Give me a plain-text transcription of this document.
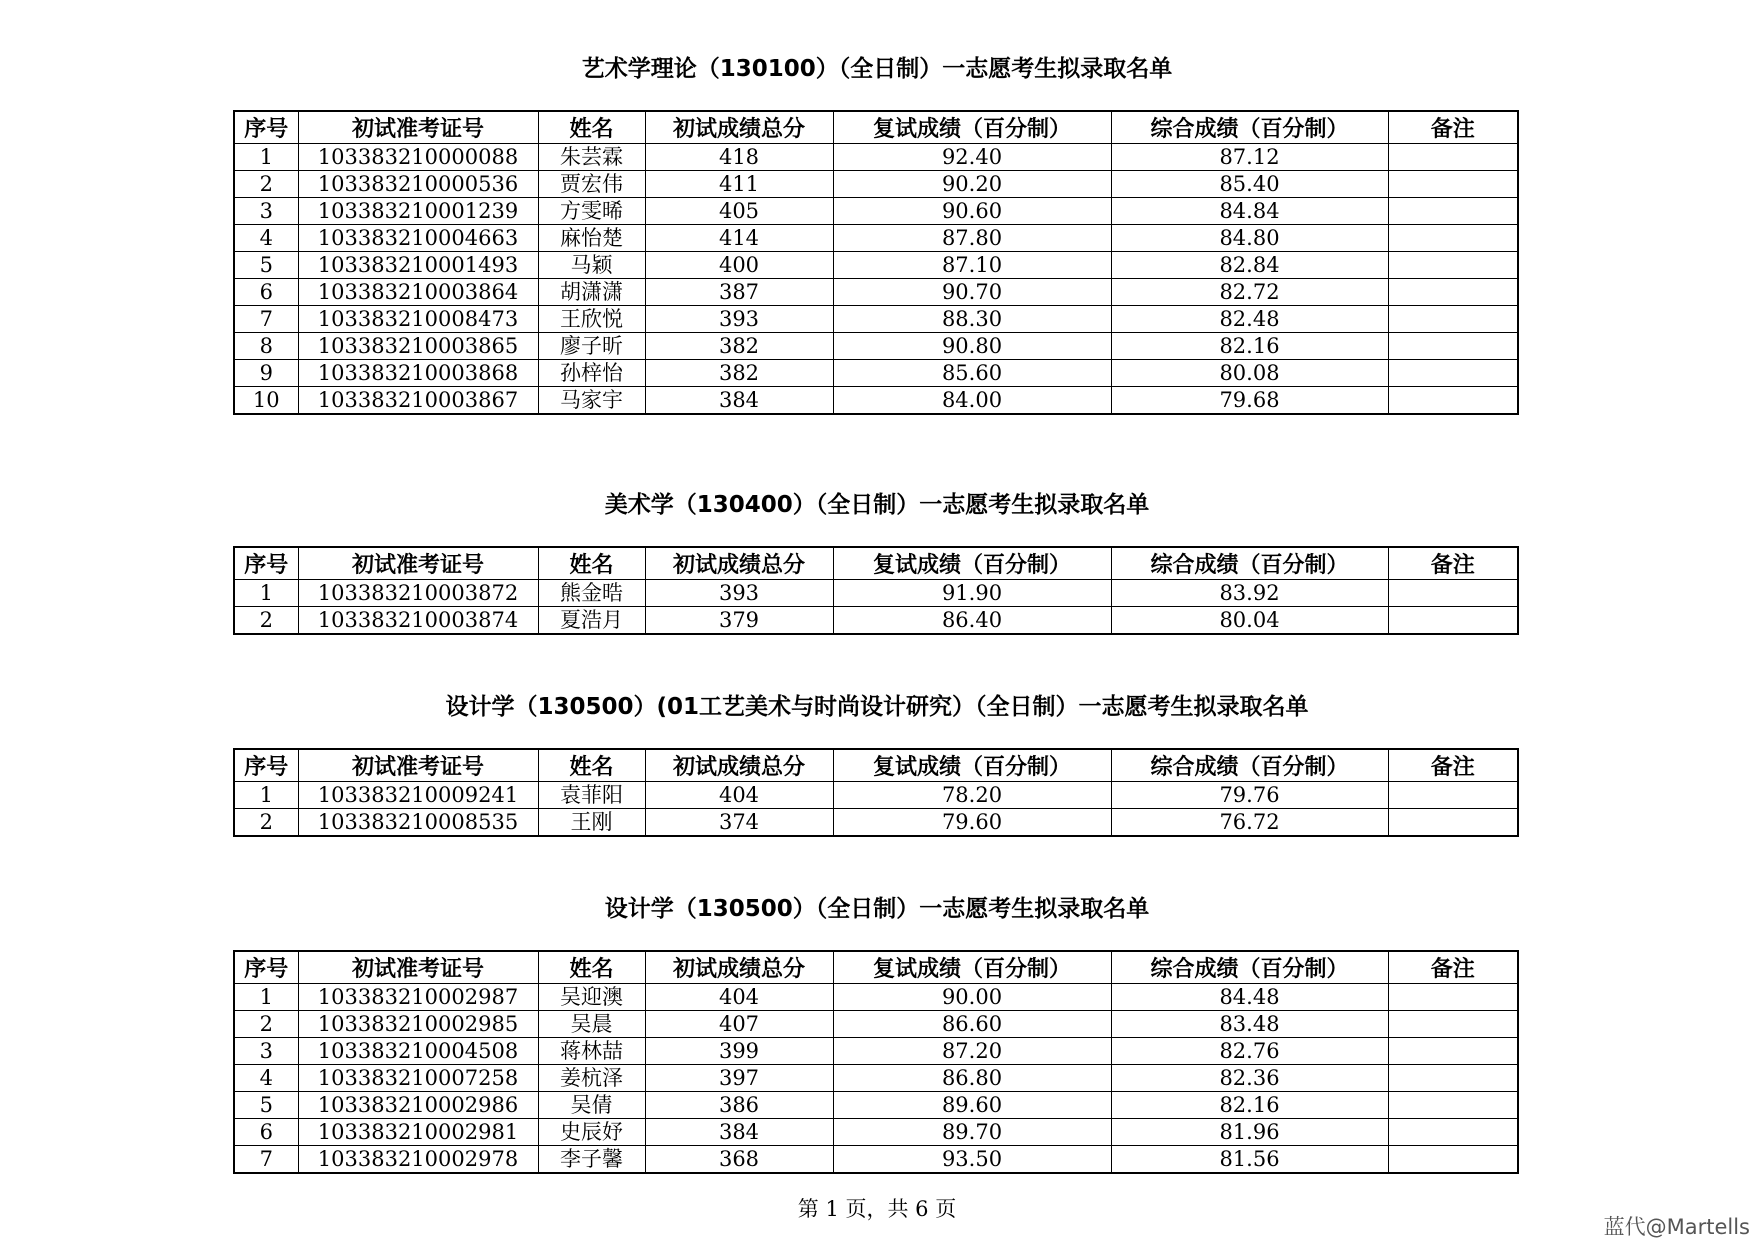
艺术学理论（130100）（全日制）一志愿考生拟录取名单
序号	初试准考证号	姓名	初试成绩总分	复试成绩（百分制）	综合成绩（百分制）	备注
1	103383210000088	朱芸霖	418	92.40	87.12	
2	103383210000536	贾宏伟	411	90.20	85.40	
3	103383210001239	方雯晞	405	90.60	84.84	
4	103383210004663	麻怡楚	414	87.80	84.80	
5	103383210001493	马颖	400	87.10	82.84	
6	103383210003864	胡潇潇	387	90.70	82.72	
7	103383210008473	王欣悦	393	88.30	82.48	
8	103383210003865	廖子昕	382	90.80	82.16	
9	103383210003868	孙梓怡	382	85.60	80.08	
10	103383210003867	马家宇	384	84.00	79.68	
美术学（130400）（全日制）一志愿考生拟录取名单
序号	初试准考证号	姓名	初试成绩总分	复试成绩（百分制）	综合成绩（百分制）	备注
1	103383210003872	熊金晧	393	91.90	83.92	
2	103383210003874	夏浩月	379	86.40	80.04	
设计学（130500）(01工艺美术与时尚设计研究）（全日制）一志愿考生拟录取名单
序号	初试准考证号	姓名	初试成绩总分	复试成绩（百分制）	综合成绩（百分制）	备注
1	103383210009241	袁菲阳	404	78.20	79.76	
2	103383210008535	王刚	374	79.60	76.72	
设计学（130500）（全日制）一志愿考生拟录取名单
序号	初试准考证号	姓名	初试成绩总分	复试成绩（百分制）	综合成绩（百分制）	备注
1	103383210002987	吴迎澳	404	90.00	84.48	
2	103383210002985	吴晨	407	86.60	83.48	
3	103383210004508	蒋林喆	399	87.20	82.76	
4	103383210007258	姜杭泽	397	86.80	82.36	
5	103383210002986	吴倩	386	89.60	82.16	
6	103383210002981	史辰妤	384	89.70	81.96	
7	103383210002978	李子馨	368	93.50	81.56	
第 1 页，共 6 页
蓝代@Martells
